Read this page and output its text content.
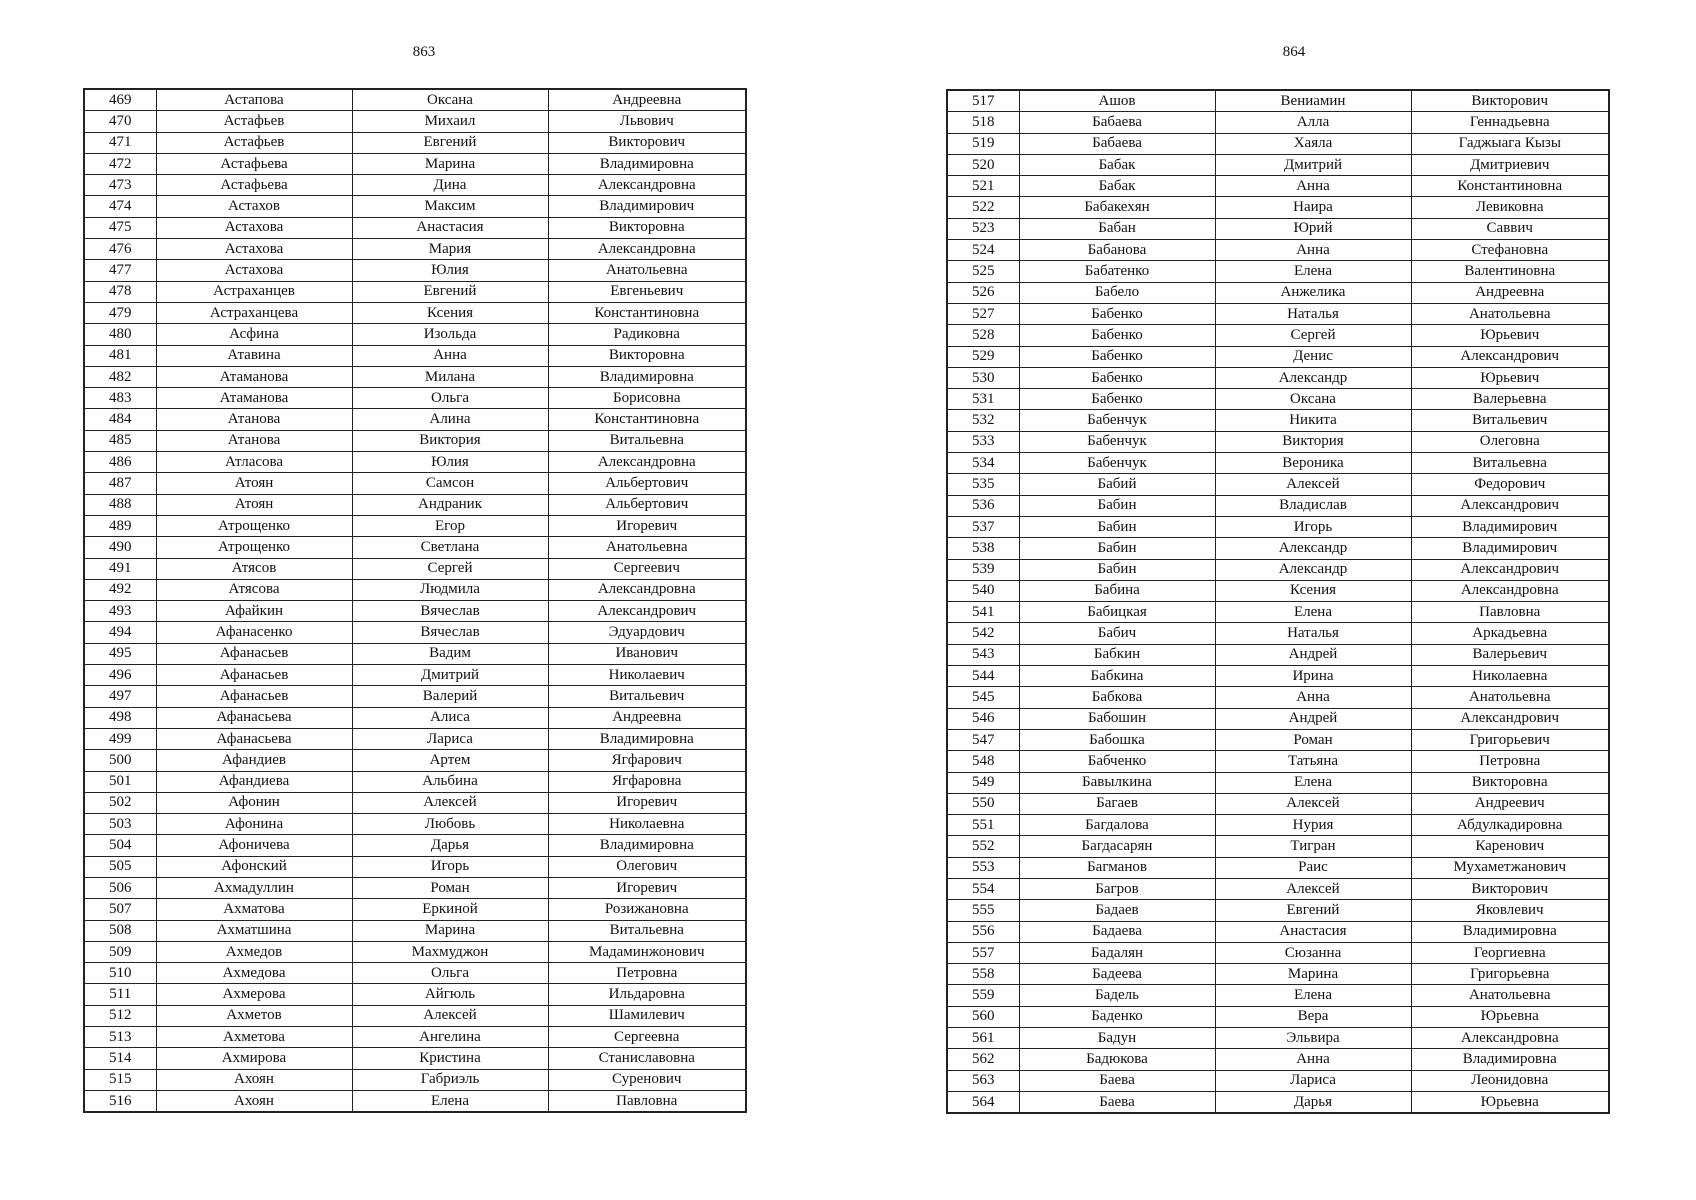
863	864
469	Астапова	Оксана	Андреевна
470	Астафьев	Михаил	Львович
471	Астафьев	Евгений	Викторович
472	Астафьева	Марина	Владимировна
473	Астафьева	Дина	Александровна
474	Астахов	Максим	Владимирович
475	Астахова	Анастасия	Викторовна
476	Астахова	Мария	Александровна
477	Астахова	Юлия	Анатольевна
478	Астраханцев	Евгений	Евгеньевич
479	Астраханцева	Ксения	Константиновна
480	Асфина	Изольда	Радиковна
481	Атавина	Анна	Викторовна
482	Атаманова	Милана	Владимировна
483	Атаманова	Ольга	Борисовна
484	Атанова	Алина	Константиновна
485	Атанова	Виктория	Витальевна
486	Атласова	Юлия	Александровна
487	Атоян	Самсон	Альбертович
488	Атоян	Андраник	Альбертович
489	Атрощенко	Егор	Игоревич
490	Атрощенко	Светлана	Анатольевна
491	Атясов	Сергей	Сергеевич
492	Атясова	Людмила	Александровна
493	Афайкин	Вячеслав	Александрович
494	Афанасенко	Вячеслав	Эдуардович
495	Афанасьев	Вадим	Иванович
496	Афанасьев	Дмитрий	Николаевич
497	Афанасьев	Валерий	Витальевич
498	Афанасьева	Алиса	Андреевна
499	Афанасьева	Лариса	Владимировна
500	Афандиев	Артем	Ягфарович
501	Афандиева	Альбина	Ягфаровна
502	Афонин	Алексей	Игоревич
503	Афонина	Любовь	Николаевна
504	Афоничева	Дарья	Владимировна
505	Афонский	Игорь	Олегович
506	Ахмадуллин	Роман	Игоревич
507	Ахматова	Еркиной	Розижановна
508	Ахматшина	Марина	Витальевна
509	Ахмедов	Махмуджон	Мадаминжонович
510	Ахмедова	Ольга	Петровна
511	Ахмерова	Айгюль	Ильдаровна
512	Ахметов	Алексей	Шамилевич
513	Ахметова	Ангелина	Сергеевна
514	Ахмирова	Кристина	Станиславовна
515	Ахоян	Габриэль	Суренович
516	Ахоян	Елена	Павловна
517	Ашов	Вениамин	Викторович
518	Бабаева	Алла	Геннадьевна
519	Бабаева	Хаяла	Гаджыага Кызы
520	Бабак	Дмитрий	Дмитриевич
521	Бабак	Анна	Константиновна
522	Бабакехян	Наира	Левиковна
523	Бабан	Юрий	Саввич
524	Бабанова	Анна	Стефановна
525	Бабатенко	Елена	Валентиновна
526	Бабело	Анжелика	Андреевна
527	Бабенко	Наталья	Анатольевна
528	Бабенко	Сергей	Юрьевич
529	Бабенко	Денис	Александрович
530	Бабенко	Александр	Юрьевич
531	Бабенко	Оксана	Валерьевна
532	Бабенчук	Никита	Витальевич
533	Бабенчук	Виктория	Олеговна
534	Бабенчук	Вероника	Витальевна
535	Бабий	Алексей	Федорович
536	Бабин	Владислав	Александрович
537	Бабин	Игорь	Владимирович
538	Бабин	Александр	Владимирович
539	Бабин	Александр	Александрович
540	Бабина	Ксения	Александровна
541	Бабицкая	Елена	Павловна
542	Бабич	Наталья	Аркадьевна
543	Бабкин	Андрей	Валерьевич
544	Бабкина	Ирина	Николаевна
545	Бабкова	Анна	Анатольевна
546	Бабошин	Андрей	Александрович
547	Бабошка	Роман	Григорьевич
548	Бабченко	Татьяна	Петровна
549	Бавылкина	Елена	Викторовна
550	Багаев	Алексей	Андреевич
551	Багдалова	Нурия	Абдулкадировна
552	Багдасарян	Тигран	Каренович
553	Багманов	Раис	Мухаметжанович
554	Багров	Алексей	Викторович
555	Бадаев	Евгений	Яковлевич
556	Бадаева	Анастасия	Владимировна
557	Бадалян	Сюзанна	Георгиевна
558	Бадеева	Марина	Григорьевна
559	Бадель	Елена	Анатольевна
560	Баденко	Вера	Юрьевна
561	Бадун	Эльвира	Александровна
562	Бадюкова	Анна	Владимировна
563	Баева	Лариса	Леонидовна
564	Баева	Дарья	Юрьевна
